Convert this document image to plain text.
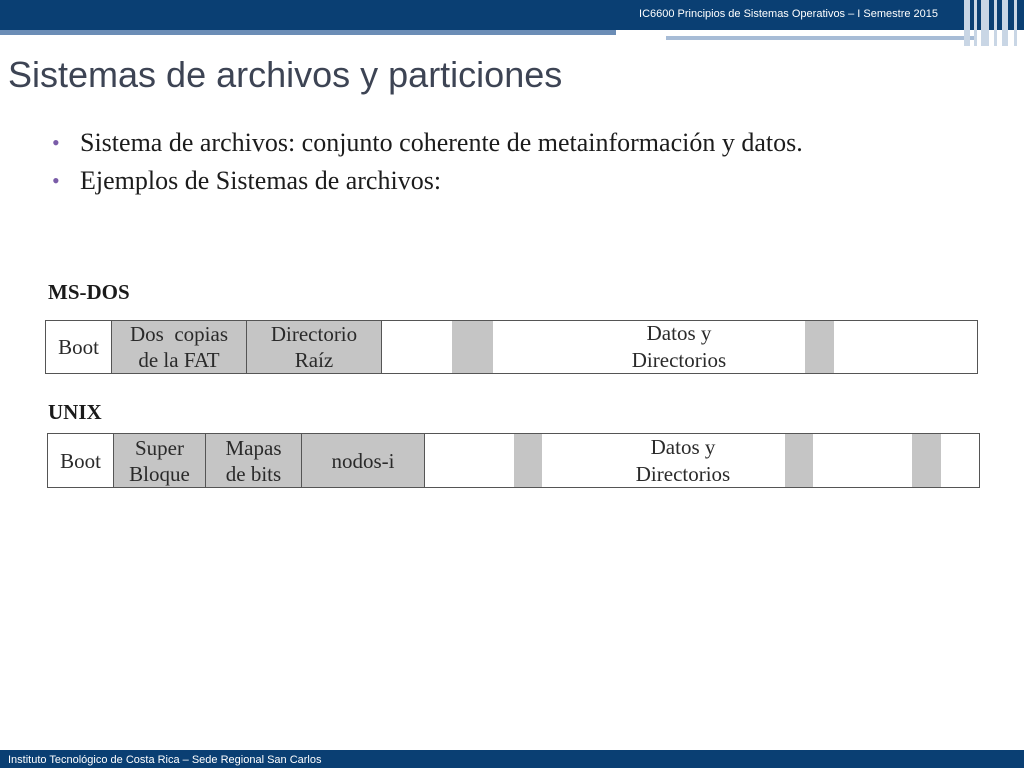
IC6600 Principios de Sistemas Operativos – I Semestre 2015
Sistemas de archivos y particiones
• Sistema de archivos: conjunto coherente de metainformación y datos.
• Ejemplos de Sistemas de archivos:
MS-DOS
Boot
Dos  copias
de la FAT
Directorio
Raíz
Datos y
Directorios
UNIX
Boot
Super
Bloque
Mapas
de bits
nodos-i
Datos y
Directorios
Instituto Tecnológico de Costa Rica – Sede Regional San Carlos
